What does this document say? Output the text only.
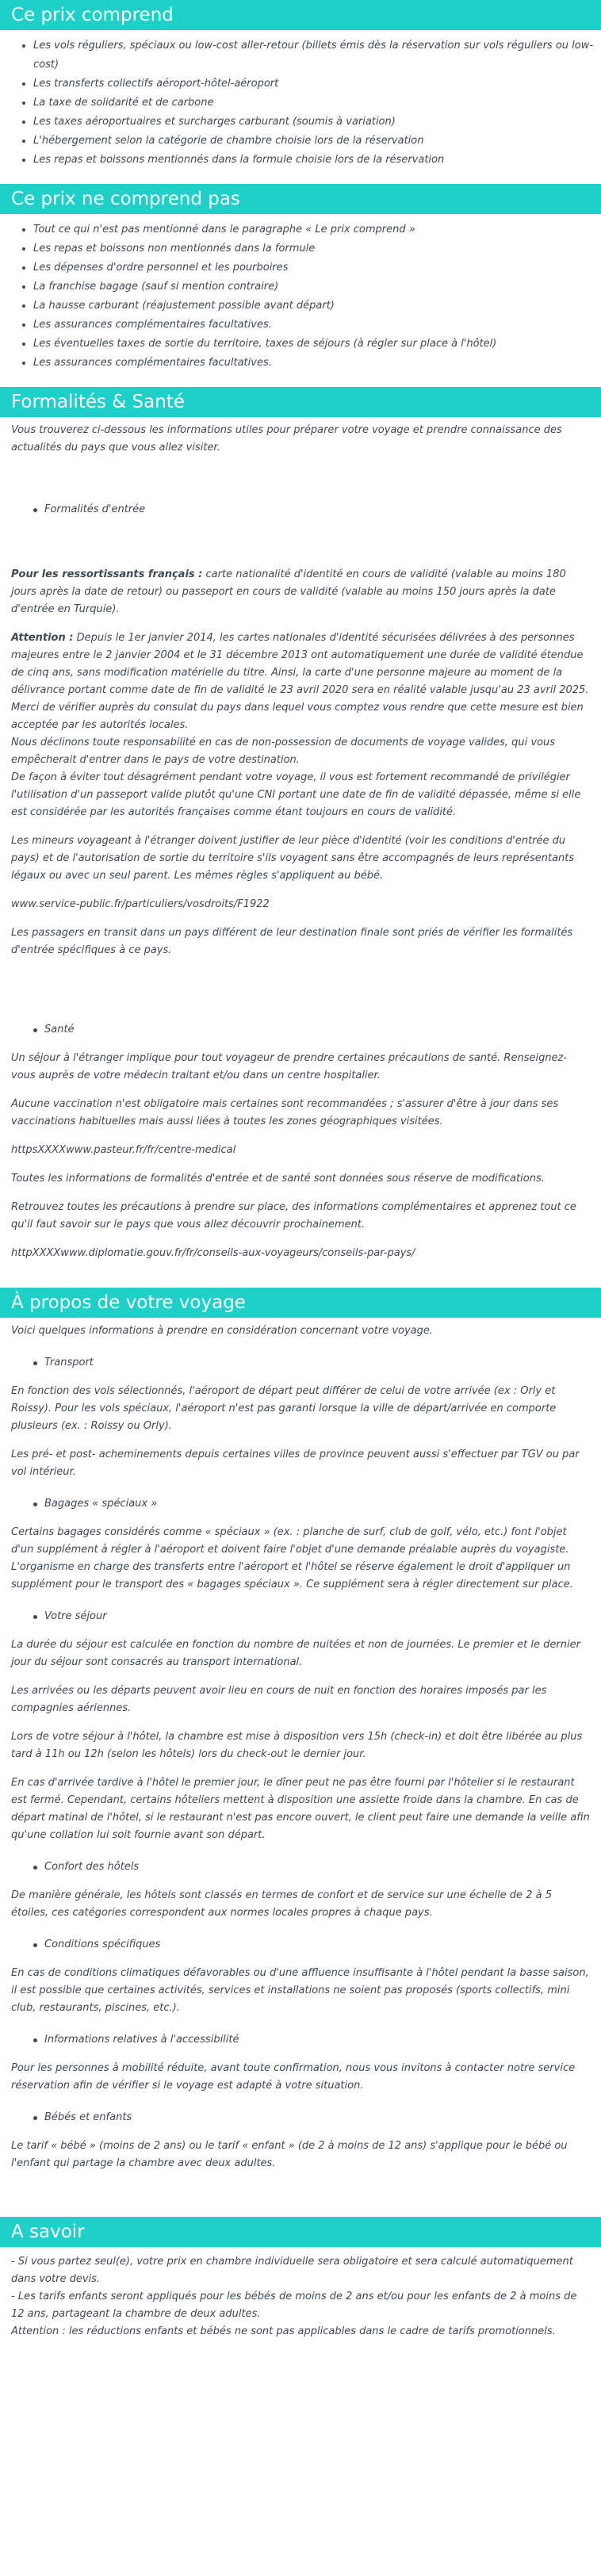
Ce prix comprend
• Les vols réguliers, spéciaux ou low-cost aller-retour (billets émis dès la réservation sur vols réguliers ou low-cost)
• Les transferts collectifs aéroport-hôtel-aéroport
• La taxe de solidarité et de carbone
• Les taxes aéroportuaires et surcharges carburant (soumis à variation)
• L'hébergement selon la catégorie de chambre choisie lors de la réservation
• Les repas et boissons mentionnés dans la formule choisie lors de la réservation
Ce prix ne comprend pas
• Tout ce qui n'est pas mentionné dans le paragraphe « Le prix comprend »
• Les repas et boissons non mentionnés dans la formule
• Les dépenses d'ordre personnel et les pourboires
• La franchise bagage (sauf si mention contraire)
• La hausse carburant (réajustement possible avant départ)
• Les assurances complémentaires facultatives.
• Les éventuelles taxes de sortie du territoire, taxes de séjours (à régler sur place à l'hôtel)
• Les assurances complémentaires facultatives.
Formalités & Santé

Vous trouverez ci-dessous les informations utiles pour préparer votre voyage et prendre connaissance des actualités du pays que vous allez visiter.

Formalités d'entrée

Pour les ressortissants français : carte nationalité d'identité en cours de validité (valable au moins 180 jours après la date de retour) ou passeport en cours de validité (valable au moins 150 jours après la date d'entrée en Turquie).

Attention : Depuis le 1er janvier 2014, les cartes nationales d'identité sécurisées délivrées à des personnes majeures entre le 2 janvier 2004 et le 31 décembre 2013 ont automatiquement une durée de validité étendue de cinq ans, sans modification matérielle du titre. Ainsi, la carte d'une personne majeure au moment de la délivrance portant comme date de fin de validité le 23 avril 2020 sera en réalité valable jusqu'au 23 avril 2025.

Merci de vérifier auprès du consulat du pays dans lequel vous comptez vous rendre que cette mesure est bien acceptée par les autorités locales.

Nous déclinons toute responsabilité en cas de non-possession de documents de voyage valides, qui vous empêcherait d'entrer dans le pays de votre destination.

De façon à éviter tout désagrément pendant votre voyage, il vous est fortement recommandé de privilégier l'utilisation d'un passeport valide plutôt qu'une CNI portant une date de fin de validité dépassée, même si elle est considérée par les autorités françaises comme étant toujours en cours de validité.

Les mineurs voyageant à l'étranger doivent justifier de leur pièce d'identité (voir les conditions d'entrée du pays) et de l'autorisation de sortie du territoire s'ils voyagent sans être accompagnés de leurs représentants légaux ou avec un seul parent. Les mêmes règles s'appliquent au bébé.

www.service-public.fr/particuliers/vosdroits/F1922

Les passagers en transit dans un pays différent de leur destination finale sont priés de vérifier les formalités d'entrée spécifiques à ce pays.

Santé

Un séjour à l'étranger implique pour tout voyageur de prendre certaines précautions de santé. Renseignez-vous auprès de votre médecin traitant et/ou dans un centre hospitalier.

Aucune vaccination n'est obligatoire mais certaines sont recommandées ; s'assurer d'être à jour dans ses vaccinations habituelles mais aussi liées à toutes les zones géographiques visitées.

httpsXXXXwww.pasteur.fr/fr/centre-medical

Toutes les informations de formalités d'entrée et de santé sont données sous réserve de modifications.

Retrouvez toutes les précautions à prendre sur place, des informations complémentaires et apprenez tout ce qu'il faut savoir sur le pays que vous allez découvrir prochainement.

httpXXXXwww.diplomatie.gouv.fr/fr/conseils-aux-voyageurs/conseils-par-pays/

À propos de votre voyage

Voici quelques informations à prendre en considération concernant votre voyage.

Transport

En fonction des vols sélectionnés, l'aéroport de départ peut différer de celui de votre arrivée (ex : Orly et Roissy). Pour les vols spéciaux, l'aéroport n'est pas garanti lorsque la ville de départ/arrivée en comporte plusieurs (ex. : Roissy ou Orly).

Les pré- et post- acheminements depuis certaines villes de province peuvent aussi s'effectuer par TGV ou par vol intérieur.

Bagages « spéciaux »

Certains bagages considérés comme « spéciaux » (ex. : planche de surf, club de golf, vélo, etc.) font l'objet d'un supplément à régler à l'aéroport et doivent faire l'objet d'une demande préalable auprès du voyagiste. L'organisme en charge des transferts entre l'aéroport et l'hôtel se réserve également le droit d'appliquer un supplément pour le transport des « bagages spéciaux ». Ce supplément sera à régler directement sur place.

Votre séjour

La durée du séjour est calculée en fonction du nombre de nuitées et non de journées. Le premier et le dernier jour du séjour sont consacrés au transport international.

Les arrivées ou les départs peuvent avoir lieu en cours de nuit en fonction des horaires imposés par les compagnies aériennes.

Lors de votre séjour à l'hôtel, la chambre est mise à disposition vers 15h (check-in) et doit être libérée au plus tard à 11h ou 12h (selon les hôtels) lors du check-out le dernier jour.

En cas d'arrivée tardive à l'hôtel le premier jour, le dîner peut ne pas être fourni par l'hôtelier si le restaurant est fermé. Cependant, certains hôteliers mettent à disposition une assiette froide dans la chambre. En cas de départ matinal de l'hôtel, si le restaurant n'est pas encore ouvert, le client peut faire une demande la veille afin qu'une collation lui soit fournie avant son départ.

Confort des hôtels

De manière générale, les hôtels sont classés en termes de confort et de service sur une échelle de 2 à 5 étoiles, ces catégories correspondent aux normes locales propres à chaque pays.

Conditions spécifiques

En cas de conditions climatiques défavorables ou d'une affluence insuffisante à l'hôtel pendant la basse saison, il est possible que certaines activités, services et installations ne soient pas proposés (sports collectifs, mini club, restaurants, piscines, etc.).

Informations relatives à l'accessibilité

Pour les personnes à mobilité réduite, avant toute confirmation, nous vous invitons à contacter notre service réservation afin de vérifier si le voyage est adapté à votre situation.

Bébés et enfants

Le tarif « bébé » (moins de 2 ans) ou le tarif « enfant » (de 2 à moins de 12 ans) s'applique pour le bébé ou l'enfant qui partage la chambre avec deux adultes.

A savoir

- Si vous partez seul(e), votre prix en chambre individuelle sera obligatoire et sera calculé automatiquement dans votre devis.

- Les tarifs enfants seront appliqués pour les bébés de moins de 2 ans et/ou pour les enfants de 2 à moins de 12 ans, partageant la chambre de deux adultes.

Attention : les réductions enfants et bébés ne sont pas applicables dans le cadre de tarifs promotionnels.
